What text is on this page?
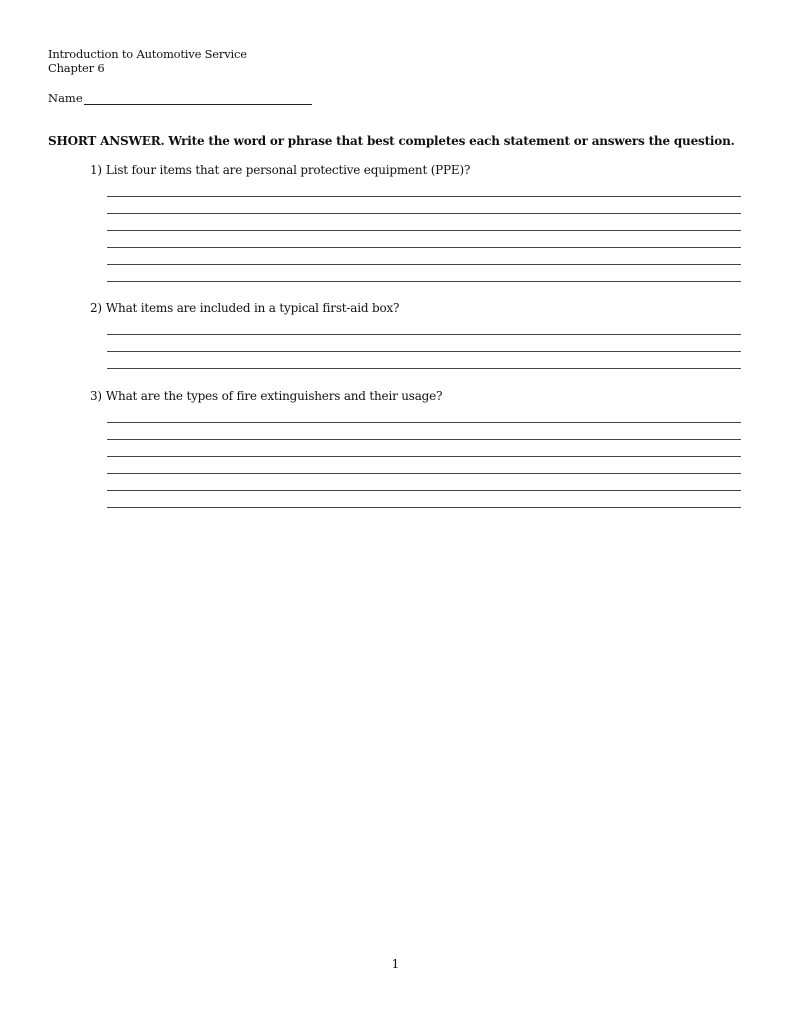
Introduction to Automotive Service
Chapter 6
Name
SHORT ANSWER. Write the word or phrase that best completes each statement or answers the question.
1) List four items that are personal protective equipment (PPE)?
2) What items are included in a typical first-aid box?
3) What are the types of fire extinguishers and their usage?
1
